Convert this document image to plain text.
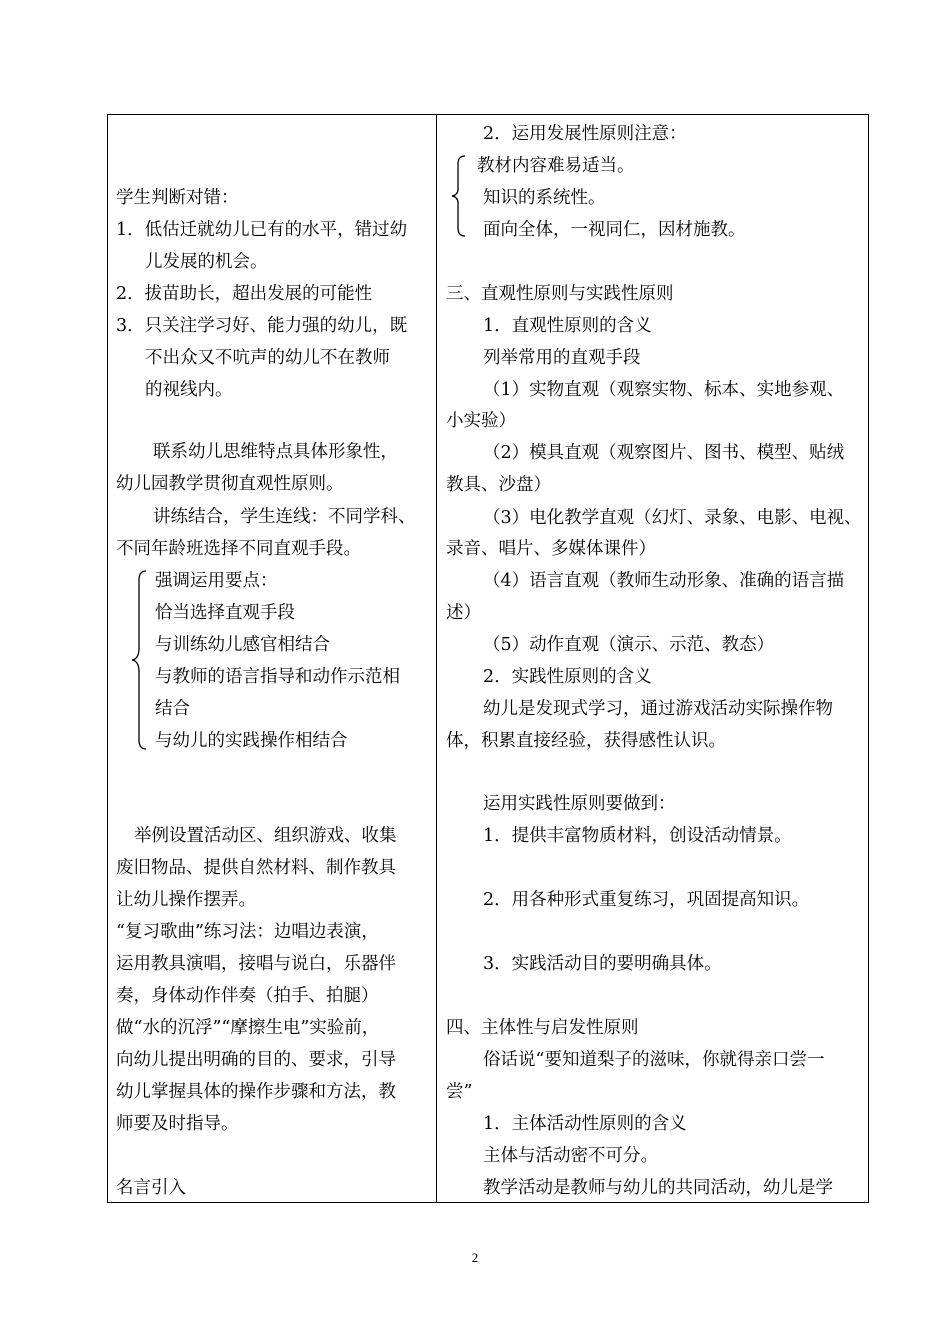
学生判断对错：
1．低估迁就幼儿已有的水平，错过幼
儿发展的机会。
2．拔苗助长，超出发展的可能性
3．只关注学习好、能力强的幼儿，既
不出众又不吭声的幼儿不在教师
的视线内。
联系幼儿思维特点具体形象性，
幼儿园教学贯彻直观性原则。
讲练结合，学生连线：不同学科、
不同年龄班选择不同直观手段。
强调运用要点：
恰当选择直观手段
与训练幼儿感官相结合
与教师的语言指导和动作示范相
结合
与幼儿的实践操作相结合
举例设置活动区、组织游戏、收集
废旧物品、提供自然材料、制作教具
让幼儿操作摆弄。
“复习歌曲”练习法：边唱边表演，
运用教具演唱，接唱与说白，乐器伴
奏，身体动作伴奏（拍手、拍腿）
做“水的沉浮”“摩擦生电”实验前，
向幼儿提出明确的目的、要求，引导
幼儿掌握具体的操作步骤和方法，教
师要及时指导。
名言引入
2．运用发展性原则注意：
教材内容难易适当。
知识的系统性。
面向全体，一视同仁，因材施教。
三、直观性原则与实践性原则
1．直观性原则的含义
列举常用的直观手段
（1）实物直观（观察实物、标本、实地参观、
小实验）
（2）模具直观（观察图片、图书、模型、贴绒
教具、沙盘）
（3）电化教学直观（幻灯、录象、电影、电视、
录音、唱片、多媒体课件）
（4）语言直观（教师生动形象、准确的语言描
述）
（5）动作直观（演示、示范、教态）
2．实践性原则的含义
幼儿是发现式学习，通过游戏活动实际操作物
体，积累直接经验，获得感性认识。
运用实践性原则要做到：
1．提供丰富物质材料，创设活动情景。
2．用各种形式重复练习，巩固提高知识。
3．实践活动目的要明确具体。
四、主体性与启发性原则
俗话说“要知道梨子的滋味，你就得亲口尝一
尝”
1．主体活动性原则的含义
主体与活动密不可分。
教学活动是教师与幼儿的共同活动，幼儿是学
2
